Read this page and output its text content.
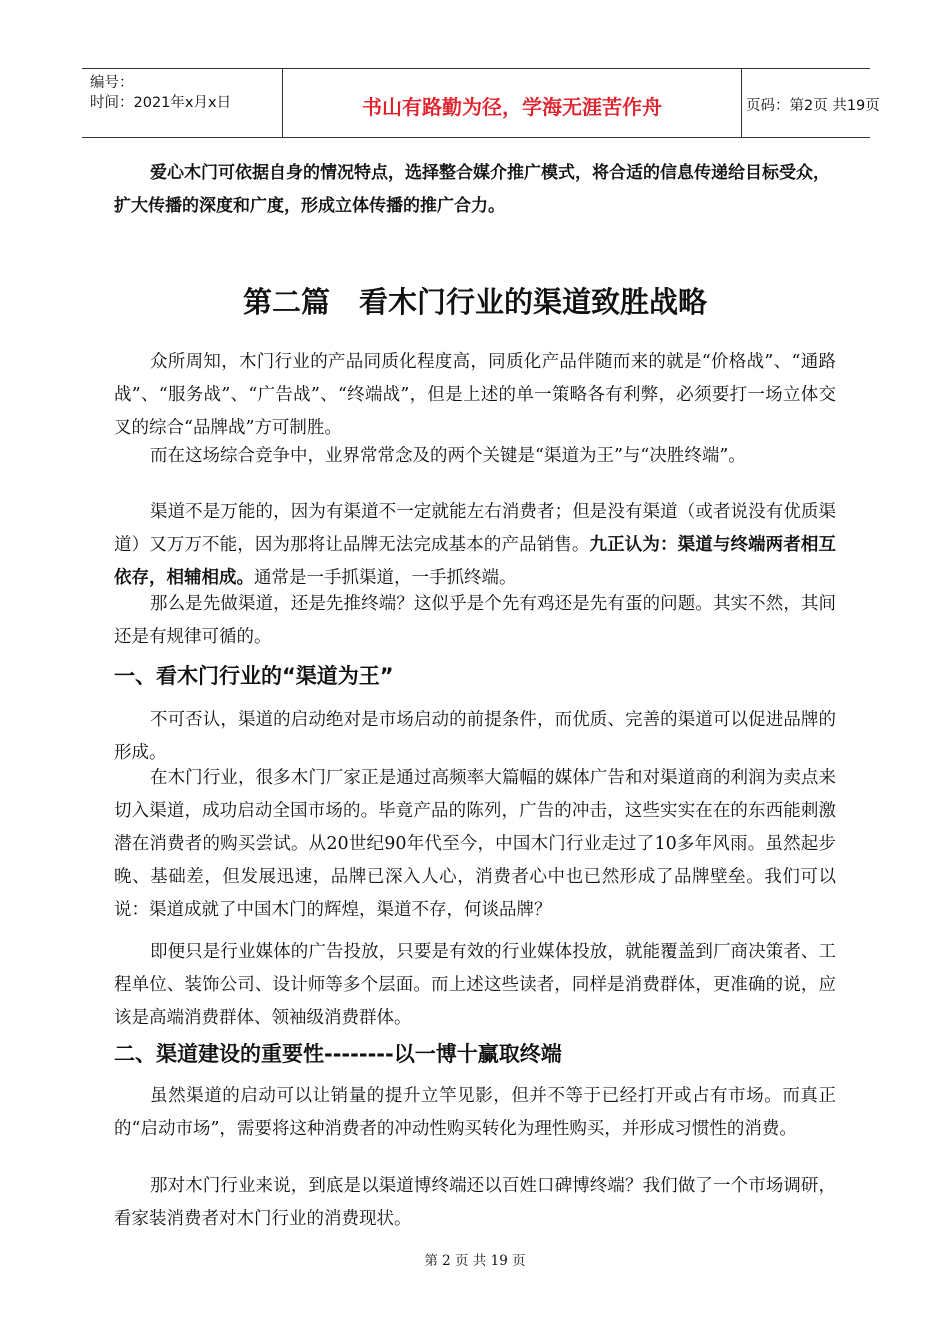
编号：
时间：2021年x月x日	书山有路勤为径，学海无涯苦作舟	页码：第2页 共19页

爱心木门可依据自身的情况特点，选择整合媒介推广模式，将合适的信息传递给目标受众，扩大传播的深度和广度，形成立体传播的推广合力。

第二篇　看木门行业的渠道致胜战略

众所周知，木门行业的产品同质化程度高，同质化产品伴随而来的就是“价格战”、“通路战”、“服务战”、“广告战”、“终端战”，但是上述的单一策略各有利弊，必须要打一场立体交叉的综合“品牌战”方可制胜。

而在这场综合竞争中，业界常常念及的两个关键是“渠道为王”与“决胜终端”。

渠道不是万能的，因为有渠道不一定就能左右消费者；但是没有渠道（或者说没有优质渠道）又万万不能，因为那将让品牌无法完成基本的产品销售。九正认为：渠道与终端两者相互依存，相辅相成。通常是一手抓渠道，一手抓终端。

那么是先做渠道，还是先推终端？这似乎是个先有鸡还是先有蛋的问题。其实不然，其间还是有规律可循的。

一、看木门行业的“渠道为王”

不可否认，渠道的启动绝对是市场启动的前提条件，而优质、完善的渠道可以促进品牌的形成。

在木门行业，很多木门厂家正是通过高频率大篇幅的媒体广告和对渠道商的利润为卖点来切入渠道，成功启动全国市场的。毕竟产品的陈列，广告的冲击，这些实实在在的东西能刺激潜在消费者的购买尝试。从20世纪90年代至今，中国木门行业走过了10多年风雨。虽然起步晚、基础差，但发展迅速，品牌已深入人心，消费者心中也已然形成了品牌壁垒。我们可以说：渠道成就了中国木门的辉煌，渠道不存，何谈品牌？

即便只是行业媒体的广告投放，只要是有效的行业媒体投放，就能覆盖到厂商决策者、工程单位、装饰公司、设计师等多个层面。而上述这些读者，同样是消费群体，更准确的说，应该是高端消费群体、领袖级消费群体。

二、渠道建设的重要性--------以一博十赢取终端

虽然渠道的启动可以让销量的提升立竿见影，但并不等于已经打开或占有市场。而真正的“启动市场”，需要将这种消费者的冲动性购买转化为理性购买，并形成习惯性的消费。

那对木门行业来说，到底是以渠道博终端还以百姓口碑博终端？我们做了一个市场调研，看家装消费者对木门行业的消费现状。

第 2 页 共 19 页
